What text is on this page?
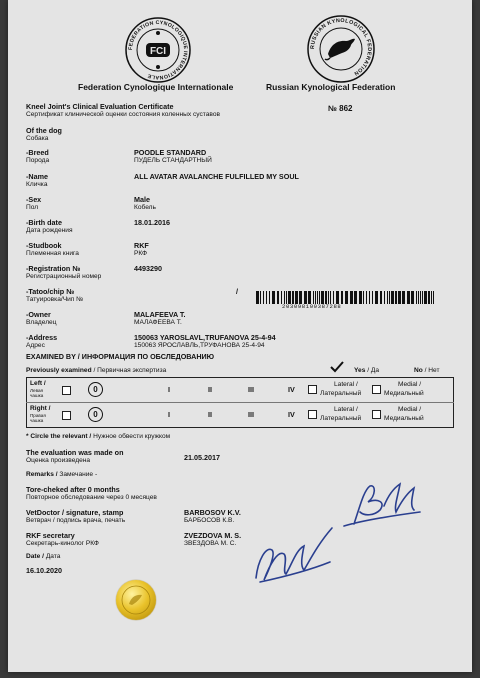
FEDERATION CYNOLOGIQUE INTERNATIONALE
FCI
Federation Cynologique Internationale
RUSSIAN KYNOLOGICAL FEDERATION
Russian Kynological Federation
Kneel Joint's Clinical Evaluation Certificate
Сертификат клинической оценки состояния коленных суставов
№ 862
Of the dog
Собака
-Breed
Порода
POODLE STANDARD
ПУДЕЛЬ СТАНДАРТНЫЙ
-Name
Кличка
ALL AVATAR AVALANCHE FULFILLED MY SOUL
-Sex
Пол
Male
Кобель
-Birth date
Дата рождения
18.01.2016
-Studbook
Племенная книга
RKF
РКФ
-Registration №
Регистрационный номер
4493290
-Tatoo/chip №
Татуировка/Чип №
/
-Owner
Владелец
MALAFEEVA T.
МАЛАФЕЕВА Т.
-Address
Адрес
150063 YAROSLAVL,TRUFANOVA 25-4-94
150063 ЯРОСЛАВЛЬ,ТРУФАНОВА 25-4-94
203098100387288
EXAMINED BY / ИНФОРМАЦИЯ ПО ОБСЛЕДОВАНИЮ
Previously examined / Первичная экспертиза	Yes / Да	No / Нет
Left /
Левая чашка
0	I	II	III	IV
Lateral /
Латеральный
Medial /
Медиальный
Right /
Правая чашка
0	I	II	III	IV
Lateral /
Латеральный
Medial /
Медиальный
* Circle the relevant / Нужное обвести кружком
The evaluation was made on
Оценка произведена	21.05.2017
Remarks / Замечание -
Tore-cheked after 0 months
Повторное обследование через 0 месяцев
VetDoctor / signature, stamp
Ветврач / подпись врача, печать
BARBOSOV K.V.
БАРБОСОВ К.В.
RKF secretary
Секретарь-кинолог РКФ
ZVEZDOVA M. S.
ЗВЕЗДОВА М. С.
Date / Дата
16.10.2020
